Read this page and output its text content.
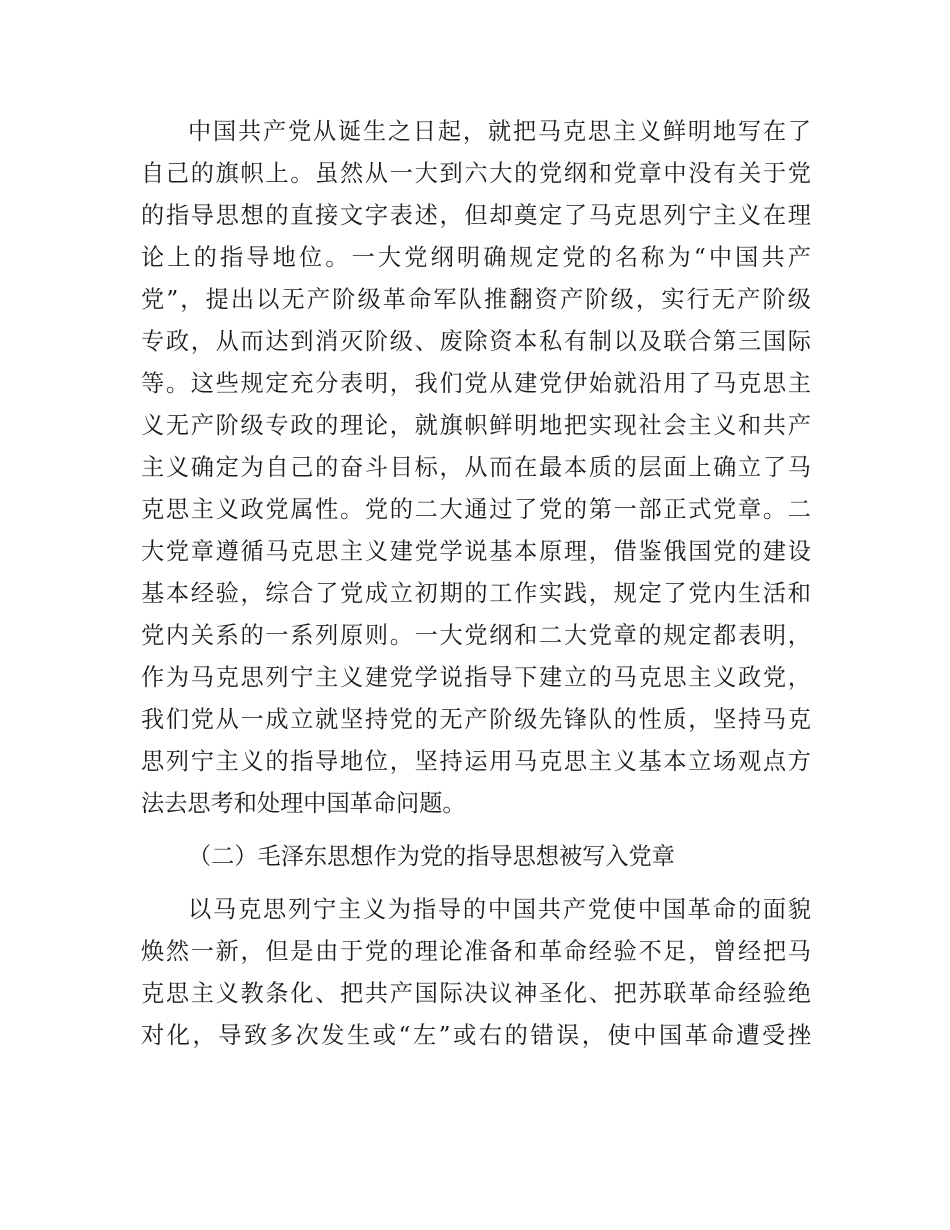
中国共产党从诞生之日起，就把马克思主义鲜明地写在了
自己的旗帜上。虽然从一大到六大的党纲和党章中没有关于党
的指导思想的直接文字表述，但却奠定了马克思列宁主义在理
论上的指导地位。一大党纲明确规定党的名称为“中国共产
党”，提出以无产阶级革命军队推翻资产阶级，实行无产阶级
专政，从而达到消灭阶级、废除资本私有制以及联合第三国际
等。这些规定充分表明，我们党从建党伊始就沿用了马克思主
义无产阶级专政的理论，就旗帜鲜明地把实现社会主义和共产
主义确定为自己的奋斗目标，从而在最本质的层面上确立了马
克思主义政党属性。党的二大通过了党的第一部正式党章。二
大党章遵循马克思主义建党学说基本原理，借鉴俄国党的建设
基本经验，综合了党成立初期的工作实践，规定了党内生活和
党内关系的一系列原则。一大党纲和二大党章的规定都表明，
作为马克思列宁主义建党学说指导下建立的马克思主义政党，
我们党从一成立就坚持党的无产阶级先锋队的性质，坚持马克
思列宁主义的指导地位，坚持运用马克思主义基本立场观点方
法去思考和处理中国革命问题。
（二）毛泽东思想作为党的指导思想被写入党章
以马克思列宁主义为指导的中国共产党使中国革命的面貌
焕然一新，但是由于党的理论准备和革命经验不足，曾经把马
克思主义教条化、把共产国际决议神圣化、把苏联革命经验绝
对化，导致多次发生或“左”或右的错误，使中国革命遭受挫
